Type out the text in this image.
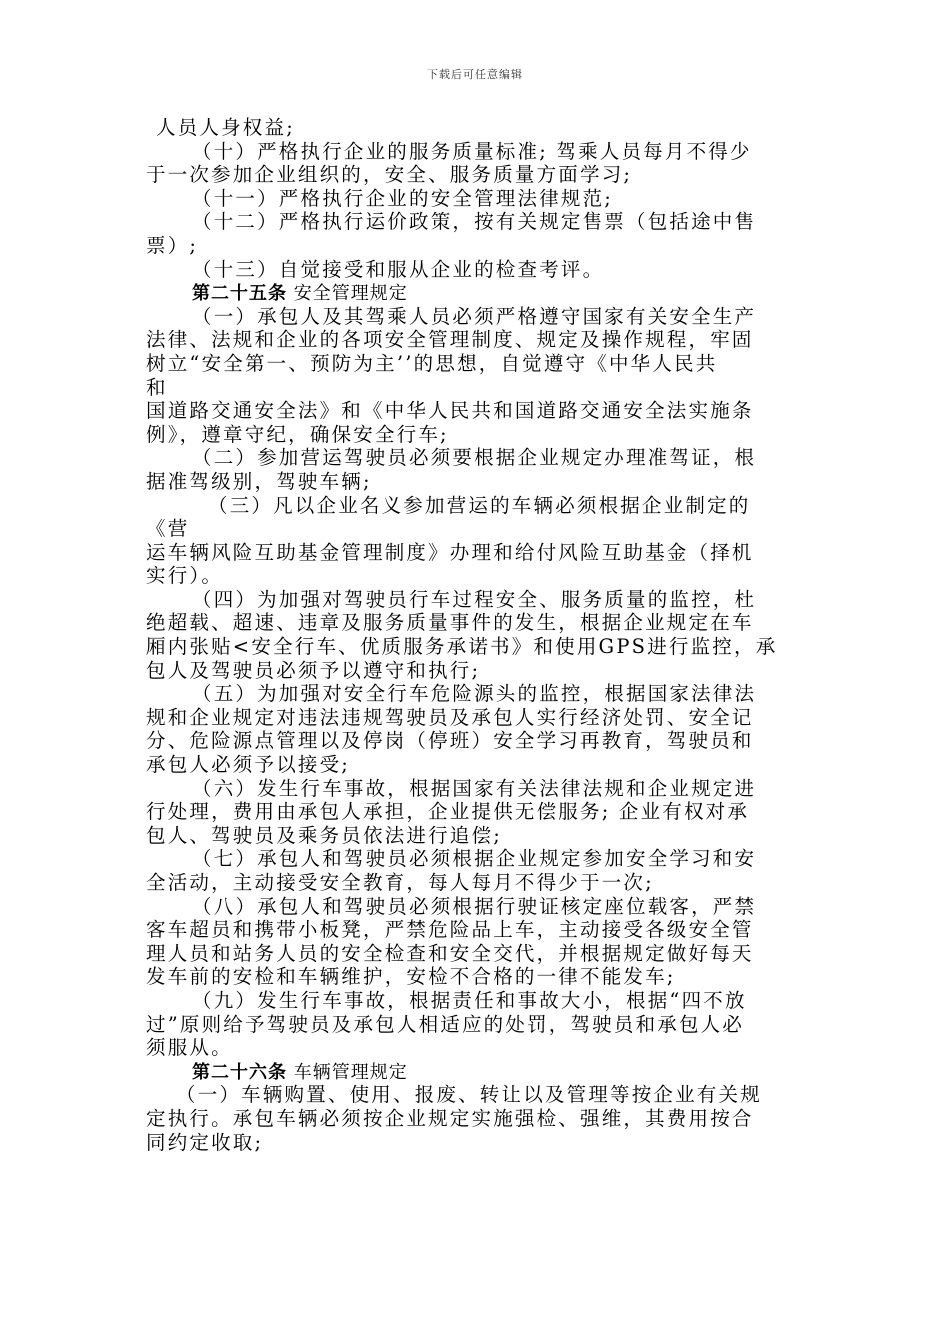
下载后可任意编辑
人员人身权益;
（十）严格执行企业的服务质量标准; 驾乘人员每月不得少
于一次参加企业组织的，安全、服务质量方面学习;
（十一）严格执行企业的安全管理法律规范;
（十二）严格执行运价政策，按有关规定售票（包括途中售
票）;
（十三）自觉接受和服从企业的检查考评。
第二十五条 安全管理规定
（一）承包人及其驾乘人员必须严格遵守国家有关安全生产
法律、法规和企业的各项安全管理制度、规定及操作规程，牢固
树立“安全第一、预防为主’’的思想，自觉遵守《中华人民共
和
国道路交通安全法》和《中华人民共和国道路交通安全法实施条
例》，遵章守纪，确保安全行车;
（二）参加营运驾驶员必须要根据企业规定办理准驾证，根
据准驾级别，驾驶车辆;
（三）凡以企业名义参加营运的车辆必须根据企业制定的
《营
运车辆风险互助基金管理制度》办理和给付风险互助基金（择机
实行）。
（四）为加强对驾驶员行车过程安全、服务质量的监控，杜
绝超载、超速、违章及服务质量事件的发生，根据企业规定在车
厢内张贴<安全行车、优质服务承诺书》和使用GPS进行监控，承
包人及驾驶员必须予以遵守和执行;
（五）为加强对安全行车危险源头的监控，根据国家法律法
规和企业规定对违法违规驾驶员及承包人实行经济处罚、安全记
分、危险源点管理以及停岗（停班）安全学习再教育，驾驶员和
承包人必须予以接受;
（六）发生行车事故，根据国家有关法律法规和企业规定进
行处理，费用由承包人承担，企业提供无偿服务; 企业有权对承
包人、驾驶员及乘务员依法进行追偿;
（七）承包人和驾驶员必须根据企业规定参加安全学习和安
全活动，主动接受安全教育，每人每月不得少于一次;
（八）承包人和驾驶员必须根据行驶证核定座位载客，严禁
客车超员和携带小板凳，严禁危险品上车，主动接受各级安全管
理人员和站务人员的安全检查和安全交代，并根据规定做好每天
发车前的安检和车辆维护，安检不合格的一律不能发车;
（九）发生行车事故，根据责任和事故大小，根据“四不放
过”原则给予驾驶员及承包人相适应的处罚，驾驶员和承包人必
须服从。
第二十六条 车辆管理规定
（一）车辆购置、使用、报废、转让以及管理等按企业有关规
定执行。承包车辆必须按企业规定实施强检、强维，其费用按合
同约定收取;
